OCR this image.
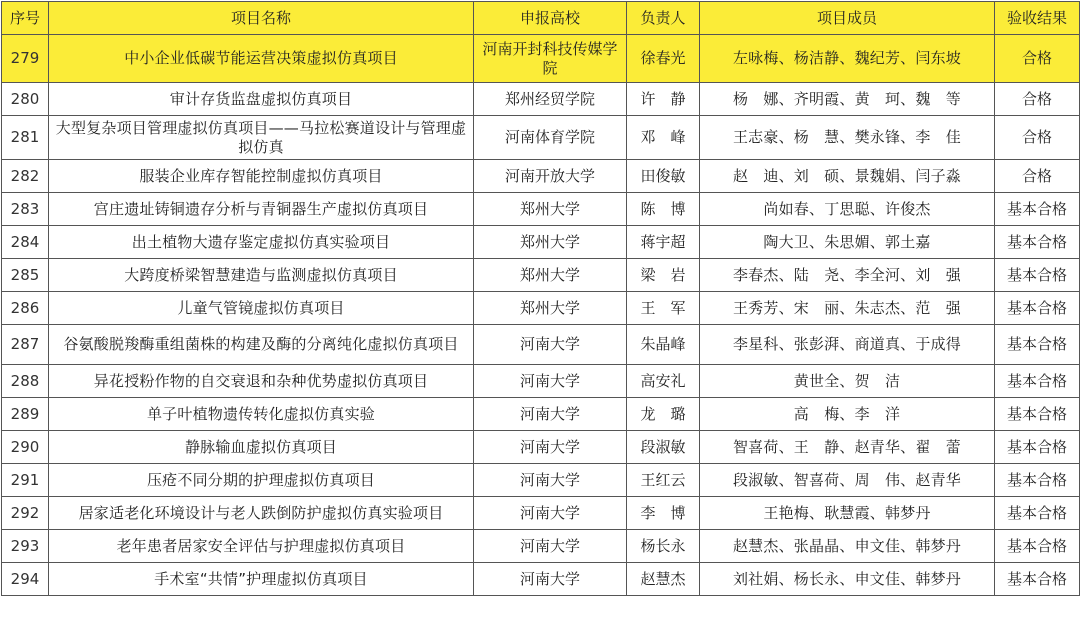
序号	项目名称	申报高校	负责人	项目成员	验收结果
279	中小企业低碳节能运营决策虚拟仿真项目	河南开封科技传媒学院	徐春光	左咏梅、杨洁静、魏纪芳、闫东坡	合格
280	审计存货监盘虚拟仿真项目	郑州经贸学院	许　静	杨　娜、齐明霞、黄　珂、魏　等	合格
281	大型复杂项目管理虚拟仿真项目——马拉松赛道设计与管理虚拟仿真	河南体育学院	邓　峰	王志豪、杨　慧、樊永锋、李　佳	合格
282	服装企业库存智能控制虚拟仿真项目	河南开放大学	田俊敏	赵　迪、刘　硕、景魏娟、闫子淼	合格
283	宫庄遗址铸铜遗存分析与青铜器生产虚拟仿真项目	郑州大学	陈　博	尚如春、丁思聪、许俊杰	基本合格
284	出土植物大遗存鉴定虚拟仿真实验项目	郑州大学	蒋宇超	陶大卫、朱思媚、郭土嘉	基本合格
285	大跨度桥梁智慧建造与监测虚拟仿真项目	郑州大学	梁　岩	李春杰、陆　尧、李全河、刘　强	基本合格
286	儿童气管镜虚拟仿真项目	郑州大学	王　军	王秀芳、宋　丽、朱志杰、范　强	基本合格
287	谷氨酸脱羧酶重组菌株的构建及酶的分离纯化虚拟仿真项目	河南大学	朱晶峰	李星科、张彭湃、商道真、于成得	基本合格
288	异花授粉作物的自交衰退和杂种优势虚拟仿真项目	河南大学	高安礼	黄世全、贺　洁	基本合格
289	单子叶植物遗传转化虚拟仿真实验	河南大学	龙　璐	高　梅、李　洋	基本合格
290	静脉输血虚拟仿真项目	河南大学	段淑敏	智喜荷、王　静、赵青华、翟　蕾	基本合格
291	压疮不同分期的护理虚拟仿真项目	河南大学	王红云	段淑敏、智喜荷、周　伟、赵青华	基本合格
292	居家适老化环境设计与老人跌倒防护虚拟仿真实验项目	河南大学	李　博	王艳梅、耿慧霞、韩梦丹	基本合格
293	老年患者居家安全评估与护理虚拟仿真项目	河南大学	杨长永	赵慧杰、张晶晶、申文佳、韩梦丹	基本合格
294	手术室“共情”护理虚拟仿真项目	河南大学	赵慧杰	刘社娟、杨长永、申文佳、韩梦丹	基本合格
